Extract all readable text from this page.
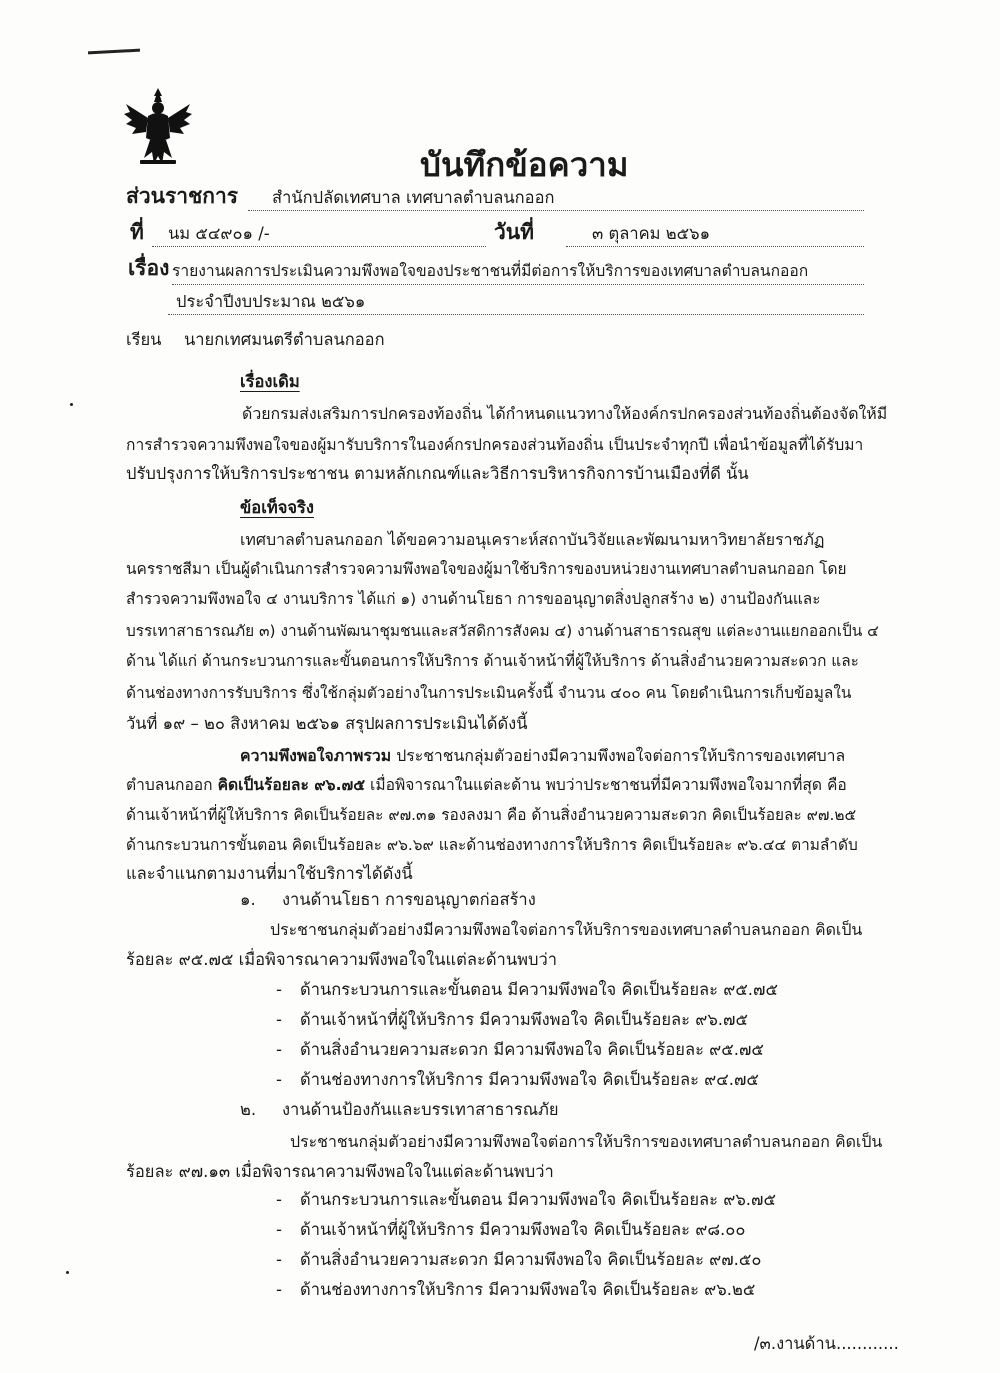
บันทึกข้อความ
ส่วนราชการ สำนักปลัดเทศบาล เทศบาลตำบลนกออก
ที่ นม ๕๔๙๐๑ /-	วันที่	๓ ตุลาคม ๒๕๖๑
เรื่อง รายงานผลการประเมินความพึงพอใจของประชาชนที่มีต่อการให้บริการของเทศบาลตำบลนกออก
ประจำปีงบประมาณ ๒๕๖๑
เรียน นายกเทศมนตรีตำบลนกออก
เรื่องเดิม
ด้วยกรมส่งเสริมการปกครองท้องถิ่น ได้กำหนดแนวทางให้องค์กรปกครองส่วนท้องถิ่นต้องจัดให้มี
การสำรวจความพึงพอใจของผู้มารับบริการในองค์กรปกครองส่วนท้องถิ่น เป็นประจำทุกปี เพื่อนำข้อมูลที่ได้รับมา
ปรับปรุงการให้บริการประชาชน ตามหลักเกณฑ์และวิธีการบริหารกิจการบ้านเมืองที่ดี นั้น
ข้อเท็จจริง
เทศบาลตำบลนกออก ได้ขอความอนุเคราะห์สถาบันวิจัยและพัฒนามหาวิทยาลัยราชภัฏ
นครราชสีมา เป็นผู้ดำเนินการสำรวจความพึงพอใจของผู้มาใช้บริการของบหน่วยงานเทศบาลตำบลนกออก โดย
สำรวจความพึงพอใจ ๔ งานบริการ ได้แก่ ๑) งานด้านโยธา การขออนุญาตสิ่งปลูกสร้าง ๒) งานป้องกันและ
บรรเทาสาธารณภัย ๓) งานด้านพัฒนาชุมชนและสวัสดิการสังคม ๔) งานด้านสาธารณสุข แต่ละงานแยกออกเป็น ๔
ด้าน ได้แก่ ด้านกระบวนการและขั้นตอนการให้บริการ ด้านเจ้าหน้าที่ผู้ให้บริการ ด้านสิ่งอำนวยความสะดวก และ
ด้านช่องทางการรับบริการ ซึ่งใช้กลุ่มตัวอย่างในการประเมินครั้งนี้ จำนวน ๔๐๐ คน โดยดำเนินการเก็บข้อมูลใน
วันที่ ๑๙ – ๒๐ สิงหาคม ๒๕๖๑ สรุปผลการประเมินได้ดังนี้
ความพึงพอใจภาพรวม ประชาชนกลุ่มตัวอย่างมีความพึงพอใจต่อการให้บริการของเทศบาล
ตำบลนกออก คิดเป็นร้อยละ ๙๖.๗๕ เมื่อพิจารณาในแต่ละด้าน พบว่าประชาชนที่มีความพึงพอใจมากที่สุด คือ
ด้านเจ้าหน้าที่ผู้ให้บริการ คิดเป็นร้อยละ ๙๗.๓๑ รองลงมา คือ ด้านสิ่งอำนวยความสะดวก คิดเป็นร้อยละ ๙๗.๒๕
ด้านกระบวนการขั้นตอน คิดเป็นร้อยละ ๙๖.๖๙ และด้านช่องทางการให้บริการ คิดเป็นร้อยละ ๙๖.๔๔ ตามลำดับ
และจำแนกตามงานที่มาใช้บริการได้ดังนี้
๑. งานด้านโยธา การขอนุญาตก่อสร้าง
ประชาชนกลุ่มตัวอย่างมีความพึงพอใจต่อการให้บริการของเทศบาลตำบลนกออก คิดเป็น
ร้อยละ ๙๕.๗๕ เมื่อพิจารณาความพึงพอใจในแต่ละด้านพบว่า
- ด้านกระบวนการและขั้นตอน มีความพึงพอใจ คิดเป็นร้อยละ ๙๕.๗๕
- ด้านเจ้าหน้าที่ผู้ให้บริการ มีความพึงพอใจ คิดเป็นร้อยละ ๙๖.๗๕
- ด้านสิ่งอำนวยความสะดวก มีความพึงพอใจ คิดเป็นร้อยละ ๙๕.๗๕
- ด้านช่องทางการให้บริการ มีความพึงพอใจ คิดเป็นร้อยละ ๙๔.๗๕
๒. งานด้านป้องกันและบรรเทาสาธารณภัย
ประชาชนกลุ่มตัวอย่างมีความพึงพอใจต่อการให้บริการของเทศบาลตำบลนกออก คิดเป็น
ร้อยละ ๙๗.๑๓ เมื่อพิจารณาความพึงพอใจในแต่ละด้านพบว่า
- ด้านกระบวนการและขั้นตอน มีความพึงพอใจ คิดเป็นร้อยละ ๙๖.๗๕
- ด้านเจ้าหน้าที่ผู้ให้บริการ มีความพึงพอใจ คิดเป็นร้อยละ ๙๘.๐๐
- ด้านสิ่งอำนวยความสะดวก มีความพึงพอใจ คิดเป็นร้อยละ ๙๗.๕๐
- ด้านช่องทางการให้บริการ มีความพึงพอใจ คิดเป็นร้อยละ ๙๖.๒๕
/๓.งานด้าน............
